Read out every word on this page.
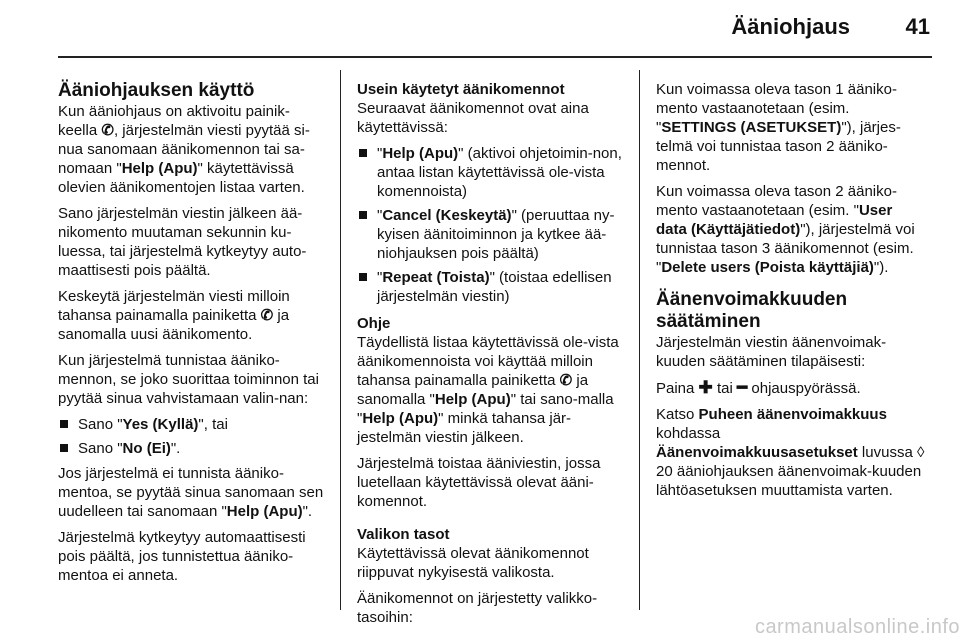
Ääniohjaus	41
Ääniohjauksen käyttö

Kun ääniohjaus on aktivoitu painik-keella ✆, järjestelmän viesti pyytää si-nua sanomaan äänikomennon tai sa-nomaan "Help (Apu)" käytettävissä olevien äänikomentojen listaa varten.

Sano järjestelmän viestin jälkeen ää-nikomento muutaman sekunnin ku-luessa, tai järjestelmä kytkeytyy auto-maattisesti pois päältä.

Keskeytä järjestelmän viesti milloin tahansa painamalla painiketta ✆ ja sanomalla uusi äänikomento.

Kun järjestelmä tunnistaa ääniko-mennon, se joko suorittaa toiminnon tai pyytää sinua vahvistamaan valin-nan:

Sano "Yes (Kyllä)", tai
Sano "No (Ei)".

Jos järjestelmä ei tunnista ääniko-mentoa, se pyytää sinua sanomaan sen uudelleen tai sanomaan "Help (Apu)".

Järjestelmä kytkeytyy automaattisesti pois päältä, jos tunnistettua ääniko-mentoa ei anneta.

Usein käytetyt äänikomennot

Seuraavat äänikomennot ovat aina käytettävissä:

"Help (Apu)" (aktivoi ohjetoimin-non, antaa listan käytettävissä ole-vista komennoista)
"Cancel (Keskeytä)" (peruuttaa ny-kyisen äänitoiminnon ja kytkee ää-niohjauksen pois päältä)
"Repeat (Toista)" (toistaa edellisen järjestelmän viestin)
Ohje

Täydellistä listaa käytettävissä ole-vista äänikomennoista voi käyttää milloin tahansa painamalla painiketta ✆ ja sanomalla "Help (Apu)" tai sano-malla "Help (Apu)" minkä tahansa jär-jestelmän viestin jälkeen.

Järjestelmä toistaa ääniviestin, jossa luetellaan käytettävissä olevat ääni-komennot.

Valikon tasot

Käytettävissä olevat äänikomennot riippuvat nykyisestä valikosta.

Äänikomennot on järjestetty valikko-tasoihin:

Kun voimassa oleva tason 1 ääniko-mento vastaanotetaan (esim. "SETTINGS (ASETUKSET)"), järjes-telmä voi tunnistaa tason 2 ääniko-mennot.

Kun voimassa oleva tason 2 ääniko-mento vastaanotetaan (esim. "User data (Käyttäjätiedot)"), järjestelmä voi tunnistaa tason 3 äänikomennot (esim. "Delete users (Poista käyttäjiä)").

Äänenvoimakkuuden säätäminen

Järjestelmän viestin äänenvoimak-kuuden säätäminen tilapäisesti:

Paina ✚ tai ━ ohjauspyörässä.

Katso Puheen äänenvoimakkuus kohdassa Äänenvoimakkuusasetukset luvussa ◊ 20 ääniohjauksen äänenvoimak-kuuden lähtöasetuksen muuttamista varten.

carmanualsonline.info
